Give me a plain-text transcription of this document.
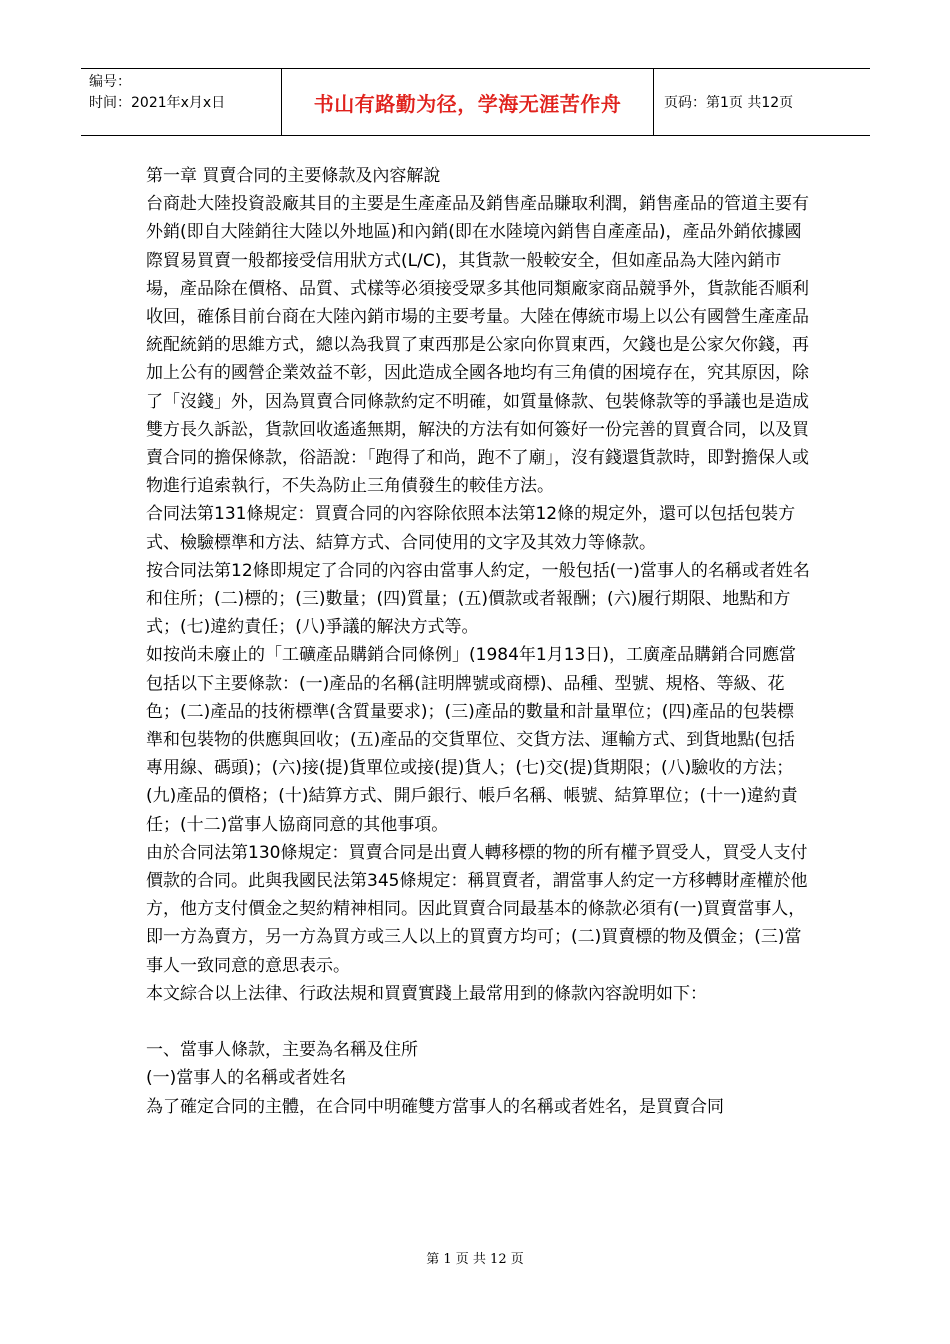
编号：
时间：2021年x月x日	书山有路勤为径，学海无涯苦作舟	页码：第1页 共12页

第一章 買賣合同的主要條款及內容解說

台商赴大陸投資設廠其目的主要是生產產品及銷售產品賺取利潤，銷售產品的管道主要有外銷(即自大陸銷往大陸以外地區)和內銷(即在水陸境內銷售自產產品)，產品外銷依據國際貿易買賣一般都接受信用狀方式(L/C)，其貨款一般較安全，但如產品為大陸內銷市場，產品除在價格、品質、式樣等必須接受眾多其他同類廠家商品競爭外，貨款能否順利收回，確係目前台商在大陸內銷市場的主要考量。大陸在傳統市場上以公有國營生產產品統配統銷的思維方式，總以為我買了東西那是公家向你買東西，欠錢也是公家欠你錢，再加上公有的國營企業效益不彰，因此造成全國各地均有三角債的困境存在，究其原因，除了「沒錢」外，因為買賣合同條款約定不明確，如質量條款、包裝條款等的爭議也是造成雙方長久訴訟，貨款回收遙遙無期，解決的方法有如何簽好一份完善的買賣合同，以及買賣合同的擔保條款，俗語說：「跑得了和尚，跑不了廟」，沒有錢還貨款時，即對擔保人或物進行追索執行，不失為防止三角債發生的較佳方法。

合同法第131條規定：買賣合同的內容除依照本法第12條的規定外，還可以包括包裝方式、檢驗標準和方法、結算方式、合同使用的文字及其效力等條款。

按合同法第12條即規定了合同的內容由當事人約定，一般包括(一)當事人的名稱或者姓名和住所；(二)標的；(三)數量；(四)質量；(五)價款或者報酬；(六)履行期限、地點和方式；(七)違約責任；(八)爭議的解決方式等。

如按尚未廢止的「工礦產品購銷合同條例」(1984年1月13日)，工廣產品購銷合同應當包括以下主要條款：(一)產品的名稱(註明牌號或商標)、品種、型號、規格、等級、花色；(二)產品的技術標準(含質量要求)；(三)產品的數量和計量單位；(四)產品的包裝標準和包裝物的供應與回收；(五)產品的交貨單位、交貨方法、運輸方式、到貨地點(包括專用線、碼頭)；(六)接(提)貨單位或接(提)貨人；(七)交(提)貨期限；(八)驗收的方法；(九)產品的價格；(十)結算方式、開戶銀行、帳戶名稱、帳號、結算單位；(十一)違約責任；(十二)當事人協商同意的其他事項。

由於合同法第130條規定：買賣合同是出賣人轉移標的物的所有權予買受人，買受人支付價款的合同。此與我國民法第345條規定：稱買賣者，謂當事人約定一方移轉財產權於他方，他方支付價金之契約精神相同。因此買賣合同最基本的條款必須有(一)買賣當事人，即一方為賣方，另一方為買方或三人以上的買賣方均可；(二)買賣標的物及價金；(三)當事人一致同意的意思表示。

本文綜合以上法律、行政法規和買賣實踐上最常用到的條款內容說明如下：

一、當事人條款，主要為名稱及住所

(一)當事人的名稱或者姓名

為了確定合同的主體，在合同中明確雙方當事人的名稱或者姓名，是買賣合同

第 1 页 共 12 页
